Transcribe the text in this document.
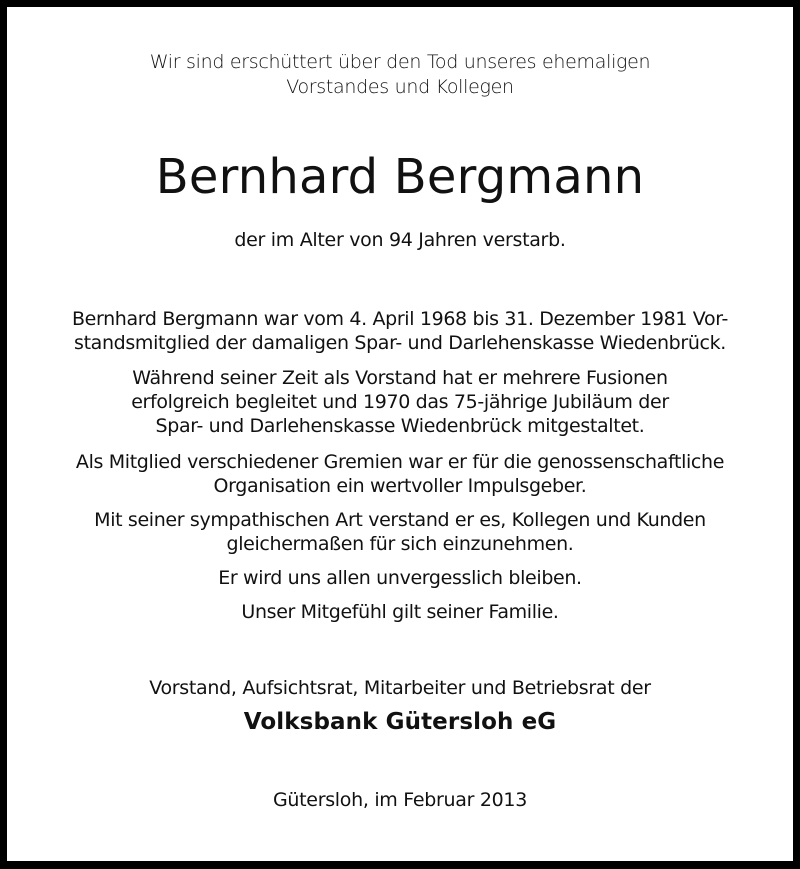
Wir sind erschüttert über den Tod unseres ehemaligen
Vorstandes und Kollegen
Bernhard Bergmann
der im Alter von 94 Jahren verstarb.
Bernhard Bergmann war vom 4. April 1968 bis 31. Dezember 1981 Vor-
standsmitglied der damaligen Spar- und Darlehenskasse Wiedenbrück.
Während seiner Zeit als Vorstand hat er mehrere Fusionen
erfolgreich begleitet und 1970 das 75-jährige Jubiläum der
Spar- und Darlehenskasse Wiedenbrück mitgestaltet.
Als Mitglied verschiedener Gremien war er für die genossenschaftliche
Organisation ein wertvoller Impulsgeber.
Mit seiner sympathischen Art verstand er es, Kollegen und Kunden
gleichermaßen für sich einzunehmen.
Er wird uns allen unvergesslich bleiben.
Unser Mitgefühl gilt seiner Familie.
Vorstand, Aufsichtsrat, Mitarbeiter und Betriebsrat der
Volksbank Gütersloh eG
Gütersloh, im Februar 2013
